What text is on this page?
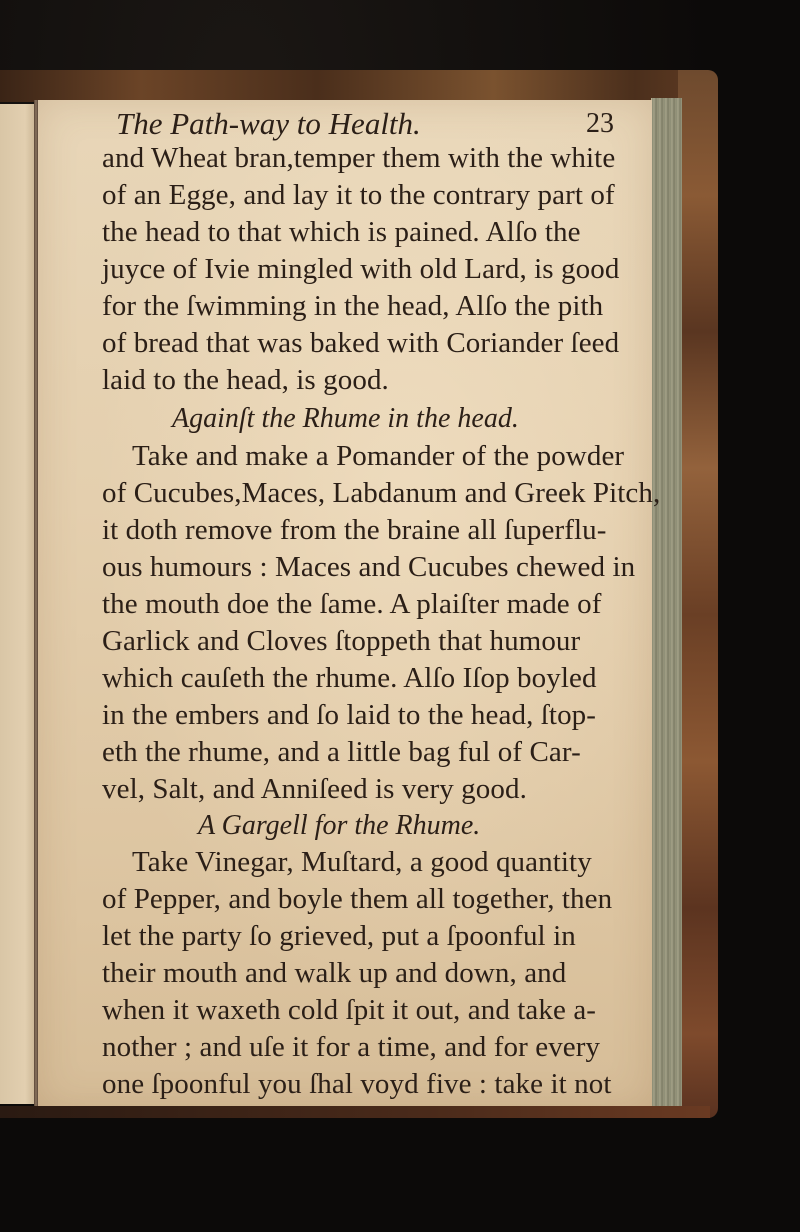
The Path-way to Health.	23
and Wheat bran,temper them with the white
of an Egge, and lay it to the contrary part of
the head to that which is pained. Alſo the
juyce of Ivie mingled with old Lard, is good
for the ſwimming in the head, Alſo the pith
of bread that was baked with Coriander ſeed
laid to the head, is good.
Againſt the Rhume in the head.
Take and make a Pomander of the powder
of Cucubes,Maces, Labdanum and Greek Pitch,
it doth remove from the braine all ſuperflu-
ous humours : Maces and Cucubes chewed in
the mouth doe the ſame. A plaiſter made of
Garlick and Cloves ſtoppeth that humour
which cauſeth the rhume. Alſo Iſop boyled
in the embers and ſo laid to the head, ſtop-
eth the rhume, and a little bag ful of Car-
vel, Salt, and Anniſeed is very good.
A Gargell for the Rhume.
Take Vinegar, Muſtard, a good quantity
of Pepper, and boyle them all together, then
let the party ſo grieved, put a ſpoonful in
their mouth and walk up and down, and
when it waxeth cold ſpit it out, and take a-
nother ; and uſe it for a time, and for every
one ſpoonful you ſhal voyd five : take it not
